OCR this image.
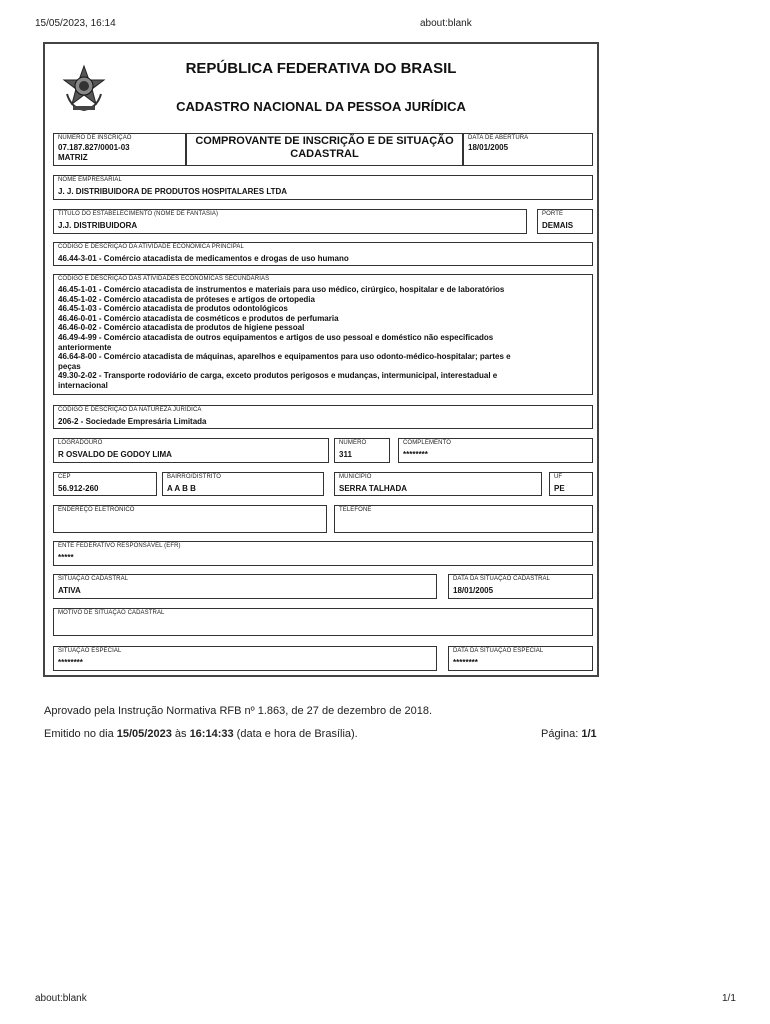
15/05/2023, 16:14	about:blank
REPÚBLICA FEDERATIVA DO BRASIL
CADASTRO NACIONAL DA PESSOA JURÍDICA
NÚMERO DE INSCRIÇÃO
07.187.827/0001-03
MATRIZ
COMPROVANTE DE INSCRIÇÃO E DE SITUAÇÃO
CADASTRAL
DATA DE ABERTURA
18/01/2005
NOME EMPRESARIAL
J. J. DISTRIBUIDORA DE PRODUTOS HOSPITALARES LTDA
TÍTULO DO ESTABELECIMENTO (NOME DE FANTASIA)
J.J. DISTRIBUIDORA
PORTE
DEMAIS
CÓDIGO E DESCRIÇÃO DA ATIVIDADE ECONÔMICA PRINCIPAL
46.44-3-01 - Comércio atacadista de medicamentos e drogas de uso humano
CÓDIGO E DESCRIÇÃO DAS ATIVIDADES ECONÔMICAS SECUNDÁRIAS
46.45-1-01 - Comércio atacadista de instrumentos e materiais para uso médico, cirúrgico, hospitalar e de laboratórios
46.45-1-02 - Comércio atacadista de próteses e artigos de ortopedia
46.45-1-03 - Comércio atacadista de produtos odontológicos
46.46-0-01 - Comércio atacadista de cosméticos e produtos de perfumaria
46.46-0-02 - Comércio atacadista de produtos de higiene pessoal
46.49-4-99 - Comércio atacadista de outros equipamentos e artigos de uso pessoal e doméstico não especificados
anteriormente
46.64-8-00 - Comércio atacadista de máquinas, aparelhos e equipamentos para uso odonto-médico-hospitalar; partes e
peças
49.30-2-02 - Transporte rodoviário de carga, exceto produtos perigosos e mudanças, intermunicipal, interestadual e
internacional
CÓDIGO E DESCRIÇÃO DA NATUREZA JURÍDICA
206-2 - Sociedade Empresária Limitada
LOGRADOURO
R OSVALDO DE GODOY LIMA
NÚMERO
311
COMPLEMENTO
********
CEP
56.912-260
BAIRRO/DISTRITO
A A B B
MUNICÍPIO
SERRA TALHADA
UF
PE
ENDEREÇO ELETRÔNICO	TELEFONE
ENTE FEDERATIVO RESPONSÁVEL (EFR)
*****
SITUAÇÃO CADASTRAL
ATIVA
DATA DA SITUAÇÃO CADASTRAL
18/01/2005
MOTIVO DE SITUAÇÃO CADASTRAL
SITUAÇÃO ESPECIAL
********
DATA DA SITUAÇÃO ESPECIAL
********
Aprovado pela Instrução Normativa RFB nº 1.863, de 27 de dezembro de 2018.
Emitido no dia 15/05/2023 às 16:14:33 (data e hora de Brasília).	Página: 1/1
about:blank	1/1
